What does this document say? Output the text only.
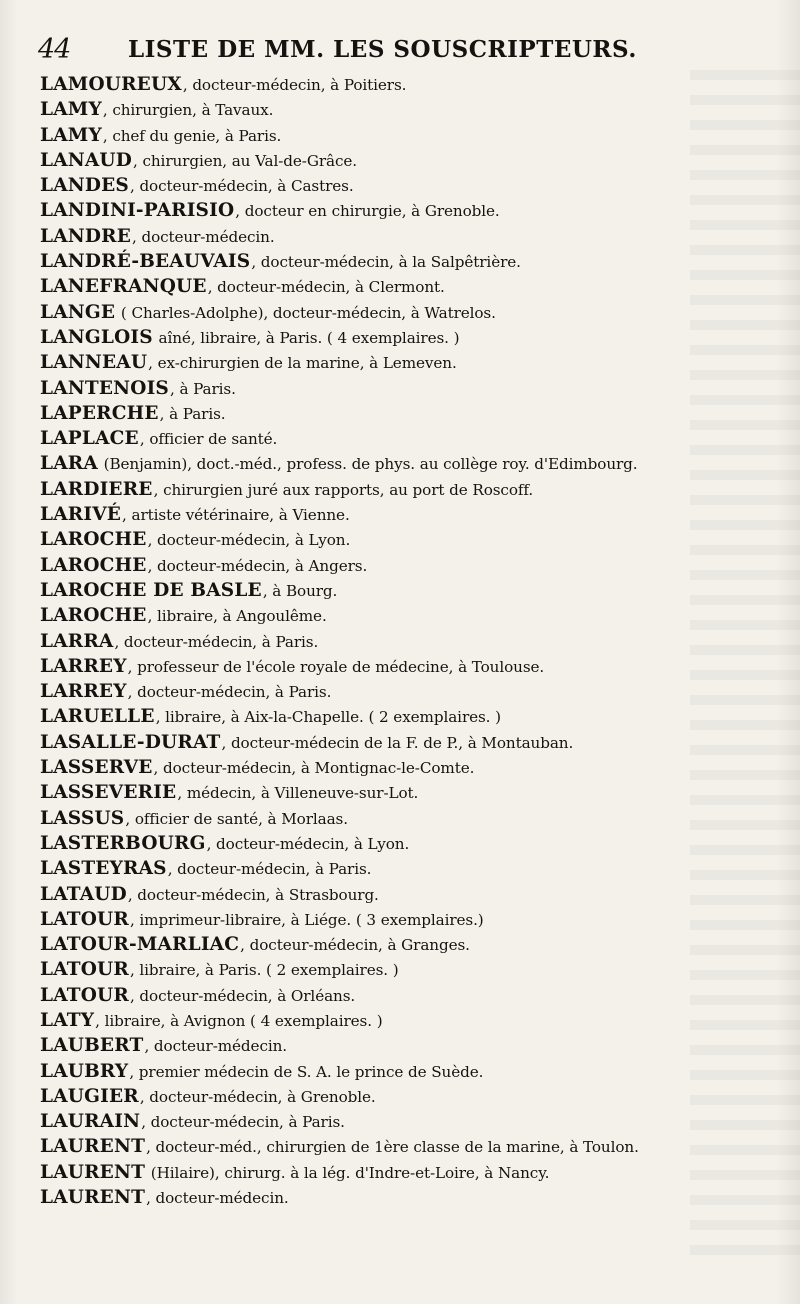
44	LISTE DE MM. LES SOUSCRIPTEURS.
LAMOUREUX, docteur-médecin, à Poitiers.
LAMY, chirurgien, à Tavaux.
LAMY, chef du genie, à Paris.
LANAUD, chirurgien, au Val-de-Grâce.
LANDES, docteur-médecin, à Castres.
LANDINI-PARISIO, docteur en chirurgie, à Grenoble.
LANDRE, docteur-médecin.
LANDRÉ-BEAUVAIS, docteur-médecin, à la Salpêtrière.
LANEFRANQUE, docteur-médecin, à Clermont.
LANGE ( Charles-Adolphe), docteur-médecin, à Watrelos.
LANGLOIS aîné, libraire, à Paris. ( 4 exemplaires. )
LANNEAU, ex-chirurgien de la marine, à Lemeven.
LANTENOIS, à Paris.
LAPERCHE, à Paris.
LAPLACE, officier de santé.
LARA (Benjamin), doct.-méd., profess. de phys. au collège roy. d'Edimbourg.
LARDIERE, chirurgien juré aux rapports, au port de Roscoff.
LARIVÉ, artiste vétérinaire, à Vienne.
LAROCHE, docteur-médecin, à Lyon.
LAROCHE, docteur-médecin, à Angers.
LAROCHE DE BASLE, à Bourg.
LAROCHE, libraire, à Angoulême.
LARRA, docteur-médecin, à Paris.
LARREY, professeur de l'école royale de médecine, à Toulouse.
LARREY, docteur-médecin, à Paris.
LARUELLE, libraire, à Aix-la-Chapelle. ( 2 exemplaires. )
LASALLE-DURAT, docteur-médecin de la F. de P., à Montauban.
LASSERVE, docteur-médecin, à Montignac-le-Comte.
LASSEVERIE, médecin, à Villeneuve-sur-Lot.
LASSUS, officier de santé, à Morlaas.
LASTERBOURG, docteur-médecin, à Lyon.
LASTEYRAS, docteur-médecin, à Paris.
LATAUD, docteur-médecin, à Strasbourg.
LATOUR, imprimeur-libraire, à Liége. ( 3 exemplaires.)
LATOUR-MARLIAC, docteur-médecin, à Granges.
LATOUR, libraire, à Paris. ( 2 exemplaires. )
LATOUR, docteur-médecin, à Orléans.
LATY, libraire, à Avignon ( 4 exemplaires. )
LAUBERT, docteur-médecin.
LAUBRY, premier médecin de S. A. le prince de Suède.
LAUGIER, docteur-médecin, à Grenoble.
LAURAIN, docteur-médecin, à Paris.
LAURENT, docteur-méd., chirurgien de 1ère classe de la marine, à Toulon.
LAURENT (Hilaire), chirurg. à la lég. d'Indre-et-Loire, à Nancy.
LAURENT, docteur-médecin.
